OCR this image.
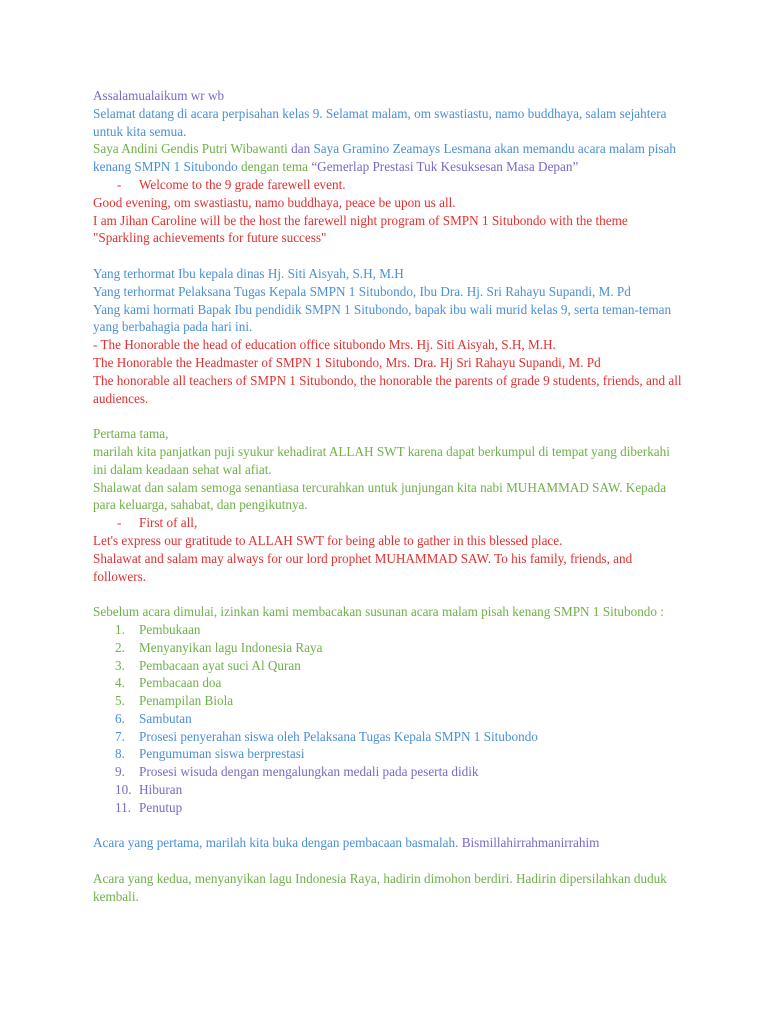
Assalamualaikum wr wb

Selamat datang di acara perpisahan kelas 9. Selamat malam, om swastiastu, namo buddhaya, salam sejahtera untuk kita semua.

Saya Andini Gendis Putri Wibawanti dan Saya Gramino Zeamays Lesmana akan memandu acara malam pisah kenang SMPN 1 Situbondo dengan tema “Gemerlap Prestasi Tuk Kesuksesan Masa Depan”

- Welcome to the 9 grade farewell event.

Good evening, om swastiastu, namo buddhaya, peace be upon us all.

I am Jihan Caroline will be the host the farewell night program of SMPN 1 Situbondo with the theme "Sparkling achievements for future success"

Yang terhormat Ibu kepala dinas Hj. Siti Aisyah, S.H, M.H

Yang terhormat Pelaksana Tugas Kepala SMPN 1 Situbondo, Ibu Dra. Hj. Sri Rahayu Supandi, M. Pd

Yang kami hormati Bapak Ibu pendidik SMPN 1 Situbondo, bapak ibu wali murid kelas 9, serta teman-teman yang berbahagia pada hari ini.

- The Honorable the head of education office situbondo Mrs. Hj. Siti Aisyah, S.H, M.H.

The Honorable the Headmaster of SMPN 1 Situbondo, Mrs. Dra. Hj Sri Rahayu Supandi, M. Pd

The honorable all teachers of SMPN 1 Situbondo, the honorable the parents of grade 9 students, friends, and all audiences.

Pertama tama,

marilah kita panjatkan puji syukur kehadirat ALLAH SWT karena dapat berkumpul di tempat yang diberkahi ini dalam keadaan sehat wal afiat.

Shalawat dan salam semoga senantiasa tercurahkan untuk junjungan kita nabi MUHAMMAD SAW. Kepada para keluarga, sahabat, dan pengikutnya.

- First of all,

Let's express our gratitude to ALLAH SWT for being able to gather in this blessed place.

Shalawat and salam may always for our lord prophet MUHAMMAD SAW. To his family, friends, and followers.

Sebelum acara dimulai, izinkan kami membacakan susunan acara malam pisah kenang SMPN 1 Situbondo :

1. Pembukaan
2. Menyanyikan lagu Indonesia Raya
3. Pembacaan ayat suci Al Quran
4. Pembacaan doa
5. Penampilan Biola
6. Sambutan
7. Prosesi penyerahan siswa oleh Pelaksana Tugas Kepala SMPN 1 Situbondo
8. Pengumuman siswa berprestasi
9. Prosesi wisuda dengan mengalungkan medali pada peserta didik
10. Hiburan
11. Penutup

Acara yang pertama, marilah kita buka dengan pembacaan basmalah. Bismillahirrahmanirrahim

Acara yang kedua, menyanyikan lagu Indonesia Raya, hadirin dimohon berdiri. Hadirin dipersilahkan duduk kembali.
